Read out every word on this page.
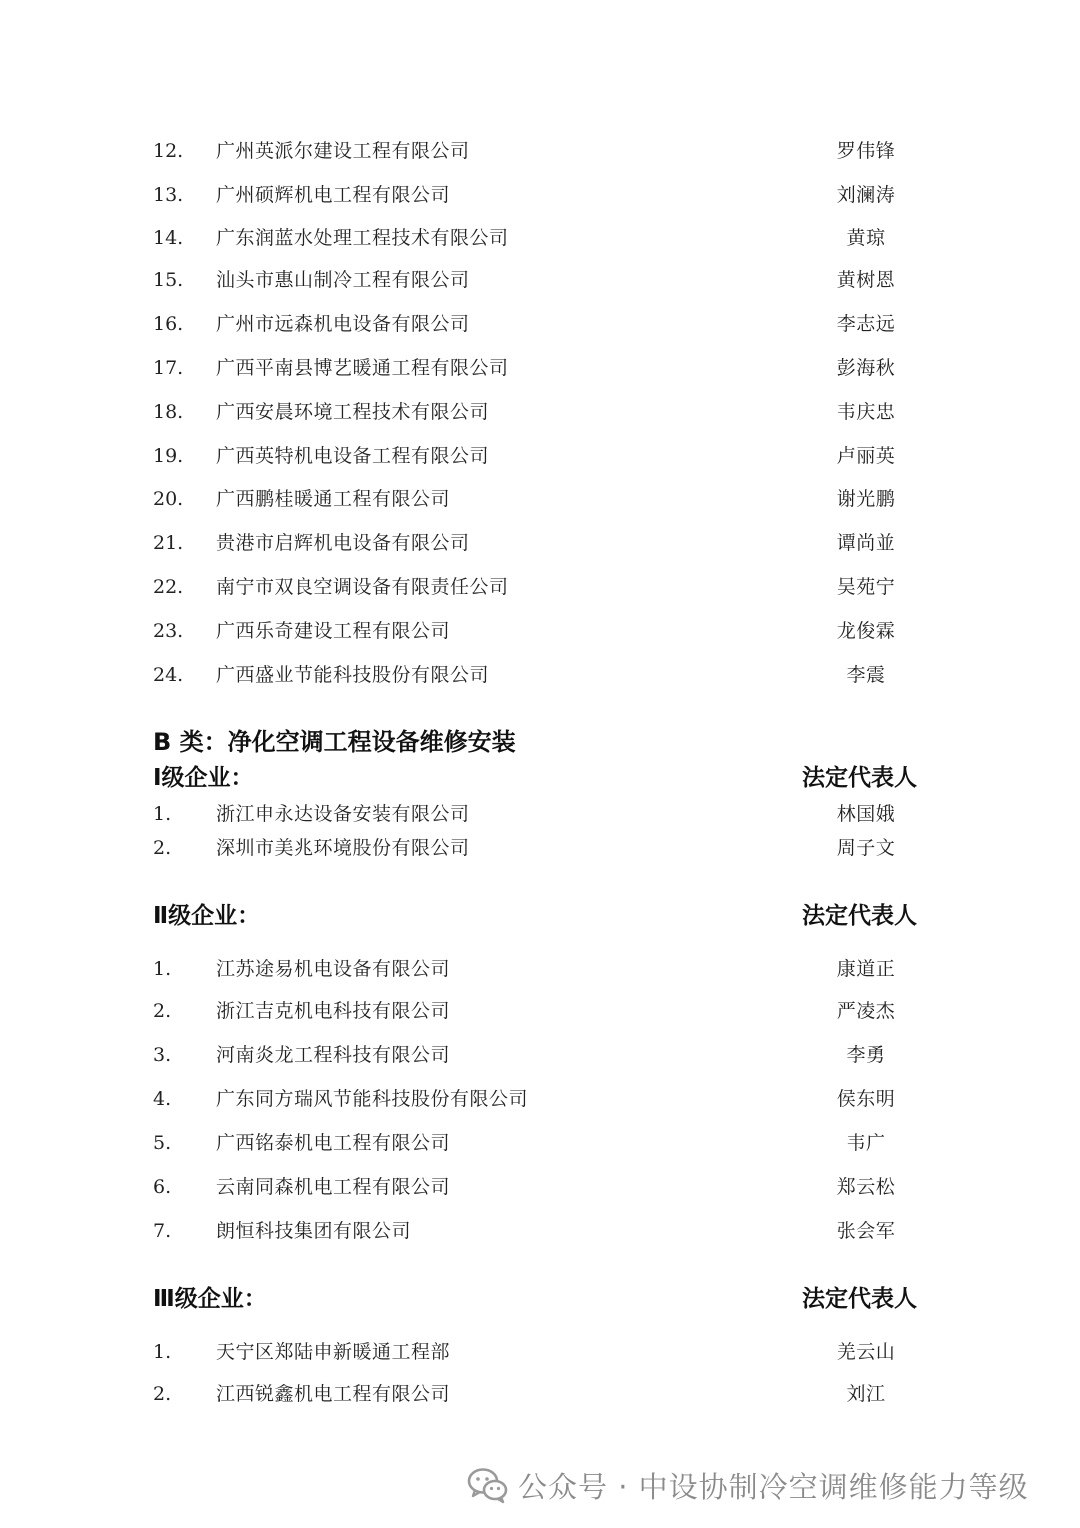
12. 广州英派尔建设工程有限公司	罗伟锋
13. 广州硕辉机电工程有限公司	刘澜涛
14. 广东润蓝水处理工程技术有限公司	黄琼
15. 汕头市惠山制冷工程有限公司	黄树恩
16. 广州市远森机电设备有限公司	李志远
17. 广西平南县博艺暖通工程有限公司	彭海秋
18. 广西安晨环境工程技术有限公司	韦庆忠
19. 广西英特机电设备工程有限公司	卢丽英
20. 广西鹏桂暖通工程有限公司	谢光鹏
21. 贵港市启辉机电设备有限公司	谭尚並
22. 南宁市双良空调设备有限责任公司	吴苑宁
23. 广西乐奇建设工程有限公司	龙俊霖
24. 广西盛业节能科技股份有限公司	李震
B 类：净化空调工程设备维修安装
Ⅰ级企业：	法定代表人
1. 浙江申永达设备安装有限公司	林国娥
2. 深圳市美兆环境股份有限公司	周子文
Ⅱ级企业：	法定代表人
1. 江苏途易机电设备有限公司	康道正
2. 浙江吉克机电科技有限公司	严凌杰
3. 河南炎龙工程科技有限公司	李勇
4. 广东同方瑞风节能科技股份有限公司	侯东明
5. 广西铭泰机电工程有限公司	韦广
6. 云南同森机电工程有限公司	郑云松
7. 朗恒科技集团有限公司	张会军
Ⅲ级企业：	法定代表人
1. 天宁区郑陆申新暖通工程部	羌云山
2. 江西锐鑫机电工程有限公司	刘江
公众号 · 中设协制冷空调维修能力等级
